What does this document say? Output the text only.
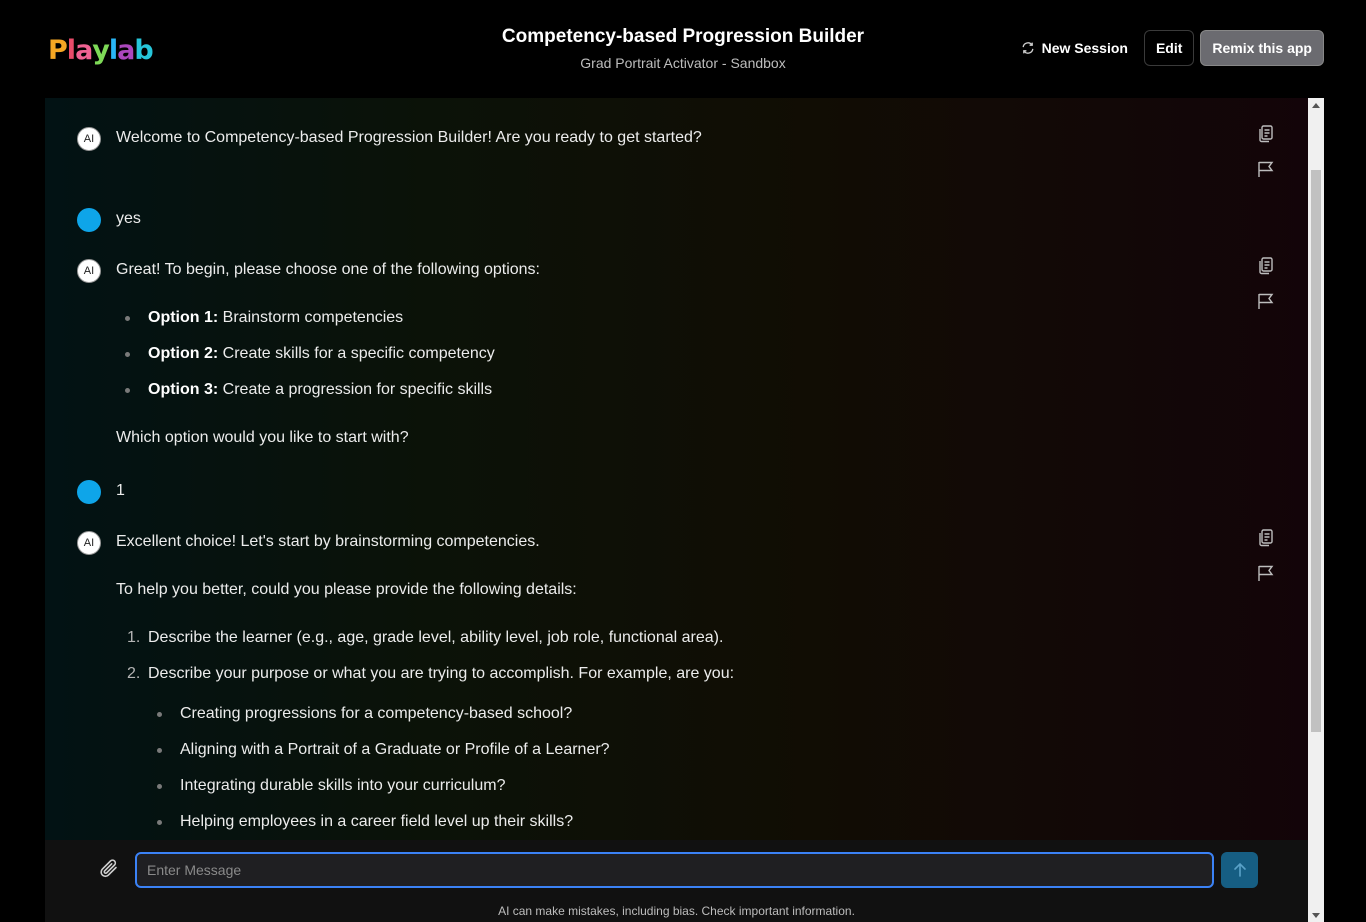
P l a y l a b	Competency-based Progression Builder
Grad Portrait Activator - Sandbox
New Session	Edit	Remix this app
AI	Welcome to Competency-based Progression Builder! Are you ready to get started?
yes
AI	Great! To begin, please choose one of the following options:
Option 1: Brainstorm competencies
Option 2: Create skills for a specific competency
Option 3: Create a progression for specific skills
Which option would you like to start with?
1
AI	Excellent choice! Let's start by brainstorming competencies.
To help you better, could you please provide the following details:
1. Describe the learner (e.g., age, grade level, ability level, job role, functional area).
2. Describe your purpose or what you are trying to accomplish. For example, are you:
Creating progressions for a competency-based school?
Aligning with a Portrait of a Graduate or Profile of a Learner?
Integrating durable skills into your curriculum?
Helping employees in a career field level up their skills?
Enter Message
AI can make mistakes, including bias. Check important information.
